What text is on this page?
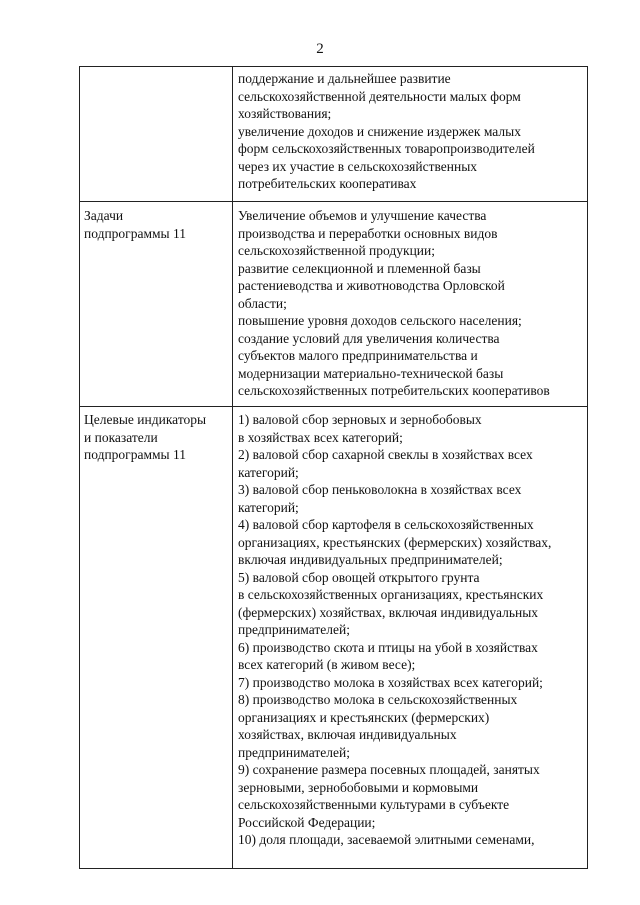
2
поддержание и дальнейшее развитие
сельскохозяйственной деятельности малых форм
хозяйствования;
увеличение доходов и снижение издержек малых
форм сельскохозяйственных товаропроизводителей
через их участие в сельскохозяйственных
потребительских кооперативах
Задачи
подпрограммы 11
Увеличение объемов и улучшение качества
производства и переработки основных видов
сельскохозяйственной продукции;
развитие селекционной и племенной базы
растениеводства и животноводства Орловской
области;
повышение уровня доходов сельского населения;
создание условий для увеличения количества
субъектов малого предпринимательства и
модернизации материально-технической базы
сельскохозяйственных потребительских кооперативов
Целевые индикаторы
и показатели
подпрограммы 11
1) валовой сбор зерновых и зернобобовых
в хозяйствах всех категорий;
2) валовой сбор сахарной свеклы в хозяйствах всех
категорий;
3) валовой сбор пеньковолокна в хозяйствах всех
категорий;
4) валовой сбор картофеля в сельскохозяйственных
организациях, крестьянских (фермерских) хозяйствах,
включая индивидуальных предпринимателей;
5) валовой сбор овощей открытого грунта
в сельскохозяйственных организациях, крестьянских
(фермерских) хозяйствах, включая индивидуальных
предпринимателей;
6) производство скота и птицы на убой в хозяйствах
всех категорий (в живом весе);
7) производство молока в хозяйствах всех категорий;
8) производство молока в сельскохозяйственных
организациях и крестьянских (фермерских)
хозяйствах, включая индивидуальных
предпринимателей;
9) сохранение размера посевных площадей, занятых
зерновыми, зернобобовыми и кормовыми
сельскохозяйственными культурами в субъекте
Российской Федерации;
10) доля площади, засеваемой элитными семенами,
